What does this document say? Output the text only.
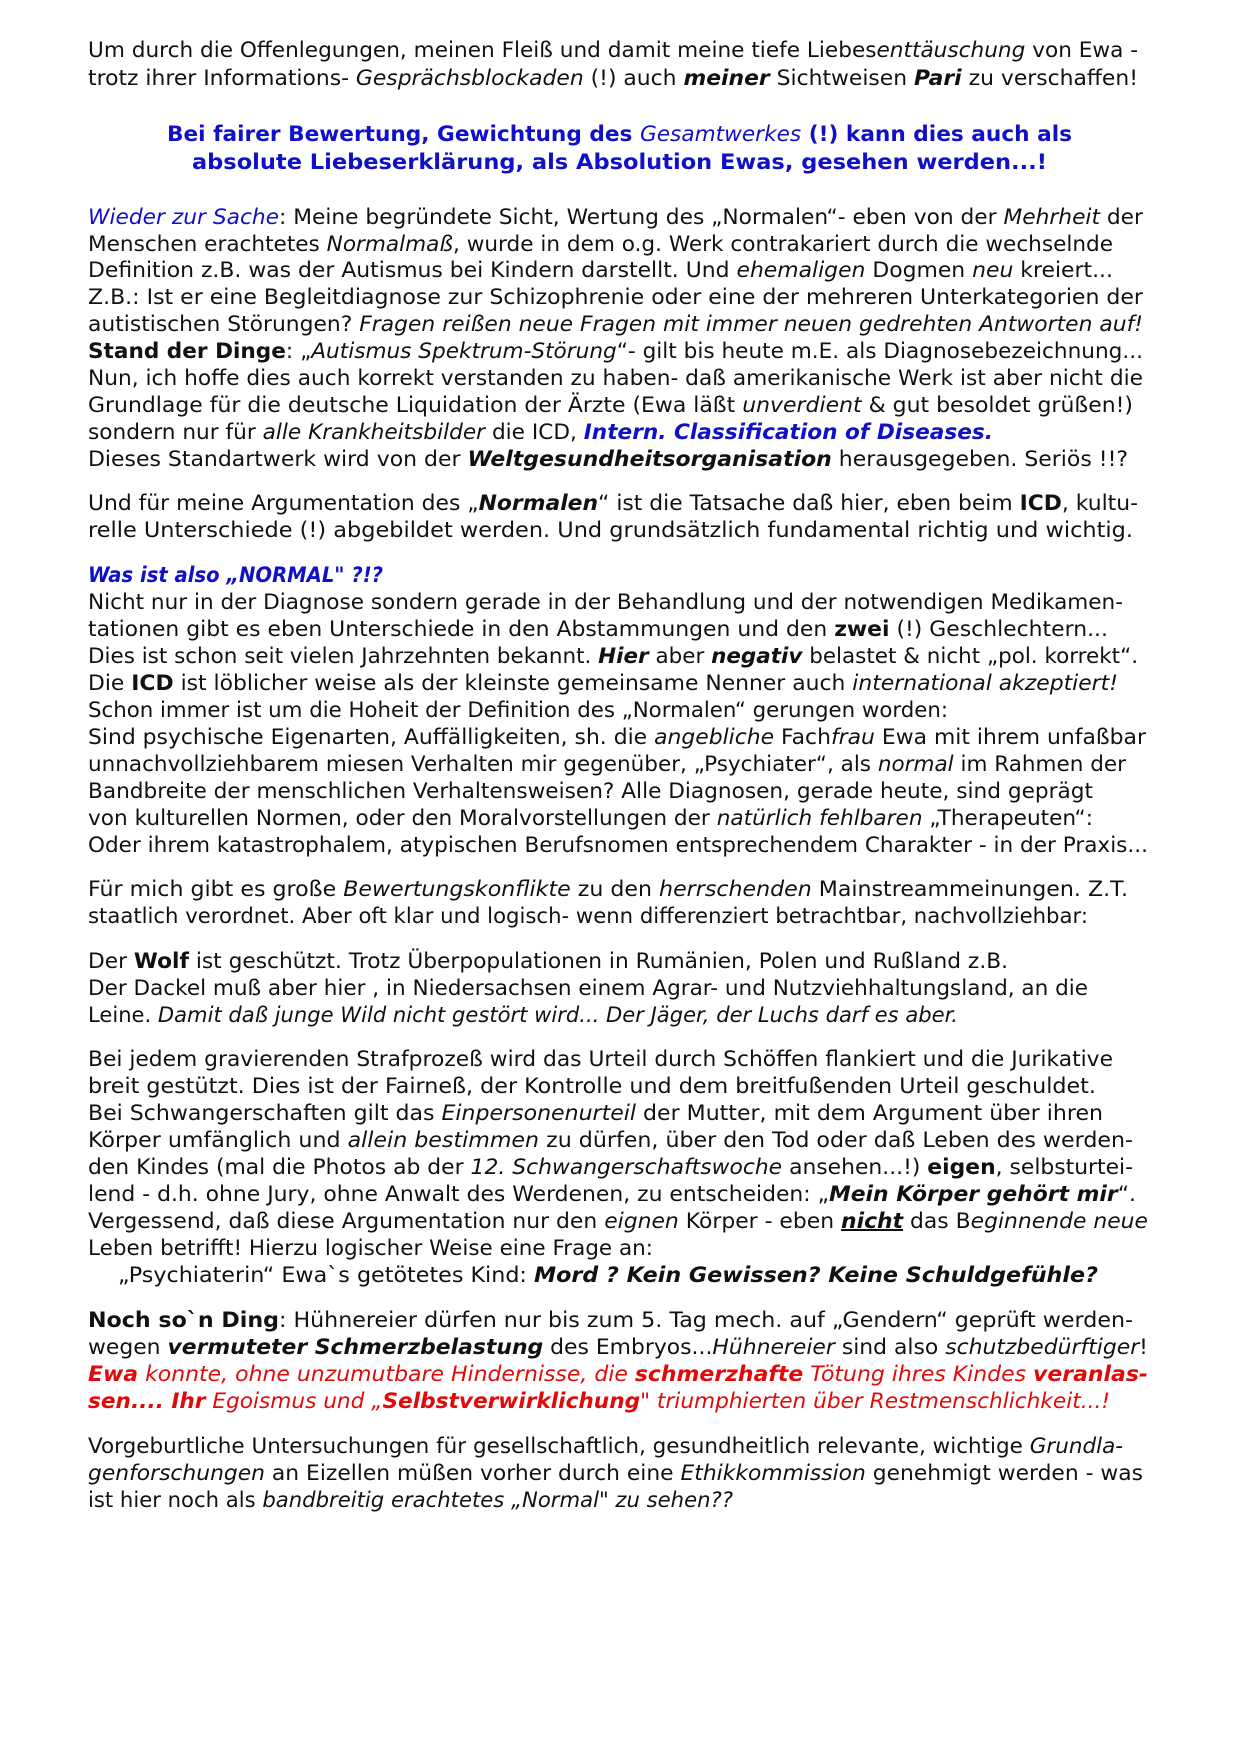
Um durch die Offenlegungen, meinen Fleiß und damit meine tiefe Liebesenttäuschung von Ewa -
trotz ihrer Informations- Gesprächsblockaden (!) auch meiner Sichtweisen Pari zu verschaffen!
Bei fairer Bewertung, Gewichtung des Gesamtwerkes (!) kann dies auch als
absolute Liebeserklärung, als Absolution Ewas, gesehen werden...!
Wieder zur Sache: Meine begründete Sicht, Wertung des „Normalen“- eben von der Mehrheit der
Menschen erachtetes Normalmaß, wurde in dem o.g. Werk contrakariert durch die wechselnde
Definition z.B. was der Autismus bei Kindern darstellt. Und ehemaligen Dogmen neu kreiert...
Z.B.: Ist er eine Begleitdiagnose zur Schizophrenie oder eine der mehreren Unterkategorien der
autistischen Störungen? Fragen reißen neue Fragen mit immer neuen gedrehten Antworten auf!
Stand der Dinge: „Autismus Spektrum-Störung“- gilt bis heute m.E. als Diagnosebezeichnung...
Nun, ich hoffe dies auch korrekt verstanden zu haben- daß amerikanische Werk ist aber nicht die
Grundlage für die deutsche Liquidation der Ärzte (Ewa läßt unverdient & gut besoldet grüßen!)
sondern nur für alle Krankheitsbilder die ICD, Intern. Classification of Diseases.
Dieses Standartwerk wird von der Weltgesundheitsorganisation herausgegeben. Seriös !!?
Und für meine Argumentation des „Normalen“ ist die Tatsache daß hier, eben beim ICD, kultu-
relle Unterschiede (!) abgebildet werden. Und grundsätzlich fundamental richtig und wichtig.
Was ist also „NORMAL" ?!?
Nicht nur in der Diagnose sondern gerade in der Behandlung und der notwendigen Medikamen-
tationen gibt es eben Unterschiede in den Abstammungen und den zwei (!) Geschlechtern...
Dies ist schon seit vielen Jahrzehnten bekannt. Hier aber negativ belastet & nicht „pol. korrekt“.
Die ICD ist löblicher weise als der kleinste gemeinsame Nenner auch international akzeptiert!
Schon immer ist um die Hoheit der Definition des „Normalen“ gerungen worden:
Sind psychische Eigenarten, Auffälligkeiten, sh. die angebliche Fachfrau Ewa mit ihrem unfaßbar
unnachvollziehbarem miesen Verhalten mir gegenüber, „Psychiater“, als normal im Rahmen der
Bandbreite der menschlichen Verhaltensweisen? Alle Diagnosen, gerade heute, sind geprägt
von kulturellen Normen, oder den Moralvorstellungen der natürlich fehlbaren „Therapeuten“:
Oder ihrem katastrophalem, atypischen Berufsnomen entsprechendem Charakter - in der Praxis...
Für mich gibt es große Bewertungskonflikte zu den herrschenden Mainstreammeinungen. Z.T.
staatlich verordnet. Aber oft klar und logisch- wenn differenziert betrachtbar, nachvollziehbar:
Der Wolf ist geschützt. Trotz Überpopulationen in Rumänien, Polen und Rußland z.B.
Der Dackel muß aber hier , in Niedersachsen einem Agrar- und Nutzviehhaltungsland, an die
Leine. Damit daß junge Wild nicht gestört wird... Der Jäger, der Luchs darf es aber.
Bei jedem gravierenden Strafprozeß wird das Urteil durch Schöffen flankiert und die Jurikative
breit gestützt. Dies ist der Fairneß, der Kontrolle und dem breitfußenden Urteil geschuldet.
Bei Schwangerschaften gilt das Einpersonenurteil der Mutter, mit dem Argument über ihren
Körper umfänglich und allein bestimmen zu dürfen, über den Tod oder daß Leben des werden-
den Kindes (mal die Photos ab der 12. Schwangerschaftswoche ansehen...!) eigen, selbsturtei-
lend - d.h. ohne Jury, ohne Anwalt des Werdenen, zu entscheiden: „Mein Körper gehört mir“.
Vergessend, daß diese Argumentation nur den eignen Körper - eben nicht das Beginnende neue
Leben betrifft! Hierzu logischer Weise eine Frage an:
„Psychiaterin“ Ewa`s getötetes Kind: Mord ? Kein Gewissen? Keine Schuldgefühle?
Noch so`n Ding: Hühnereier dürfen nur bis zum 5. Tag mech. auf „Gendern“ geprüft werden-
wegen vermuteter Schmerzbelastung des Embryos...Hühnereier sind also schutzbedürftiger!
Ewa konnte, ohne unzumutbare Hindernisse, die schmerzhafte Tötung ihres Kindes veranlas-
sen.... Ihr Egoismus und „Selbstverwirklichung" triumphierten über Restmenschlichkeit...!
Vorgeburtliche Untersuchungen für gesellschaftlich, gesundheitlich relevante, wichtige Grundla-
genforschungen an Eizellen müßen vorher durch eine Ethikkommission genehmigt werden - was
ist hier noch als bandbreitig erachtetes „Normal" zu sehen??
